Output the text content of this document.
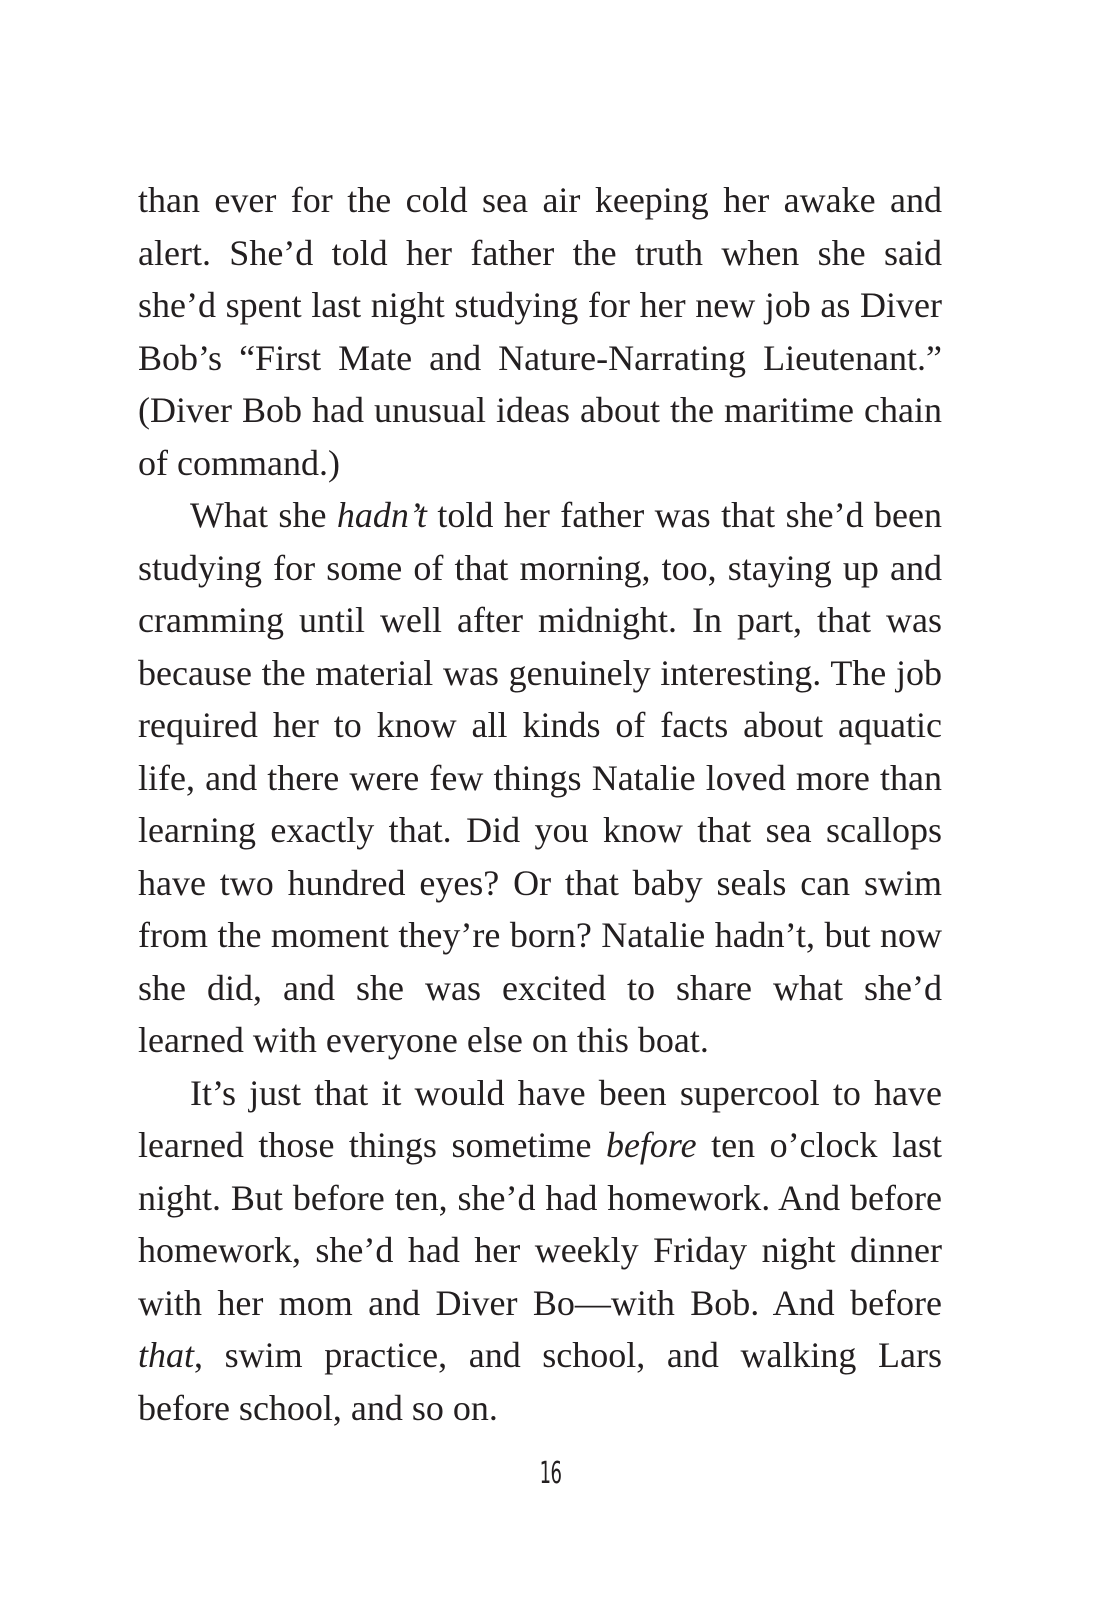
than ever for the cold sea air keeping her awake and alert. She’d told her father the truth when she said she’d spent last night studying for her new job as Diver Bob’s “First Mate and Nature-Narrating Lieutenant.” (Diver Bob had unusual ideas about the maritime chain of command.)

What she hadn’t told her father was that she’d been studying for some of that morning, too, staying up and cramming until well after midnight. In part, that was because the material was genuinely interesting. The job required her to know all kinds of facts about aquatic life, and there were few things Natalie loved more than learning exactly that. Did you know that sea scallops have two hundred eyes? Or that baby seals can swim from the moment they’re born? Natalie hadn’t, but now she did, and she was excited to share what she’d learned with everyone else on this boat.

It’s just that it would have been supercool to have learned those things sometime before ten o’clock last night. But before ten, she’d had homework. And before homework, she’d had her weekly Friday night dinner with her mom and Diver Bo—with Bob. And before that, swim practice, and school, and walking Lars before school, and so on.

16
